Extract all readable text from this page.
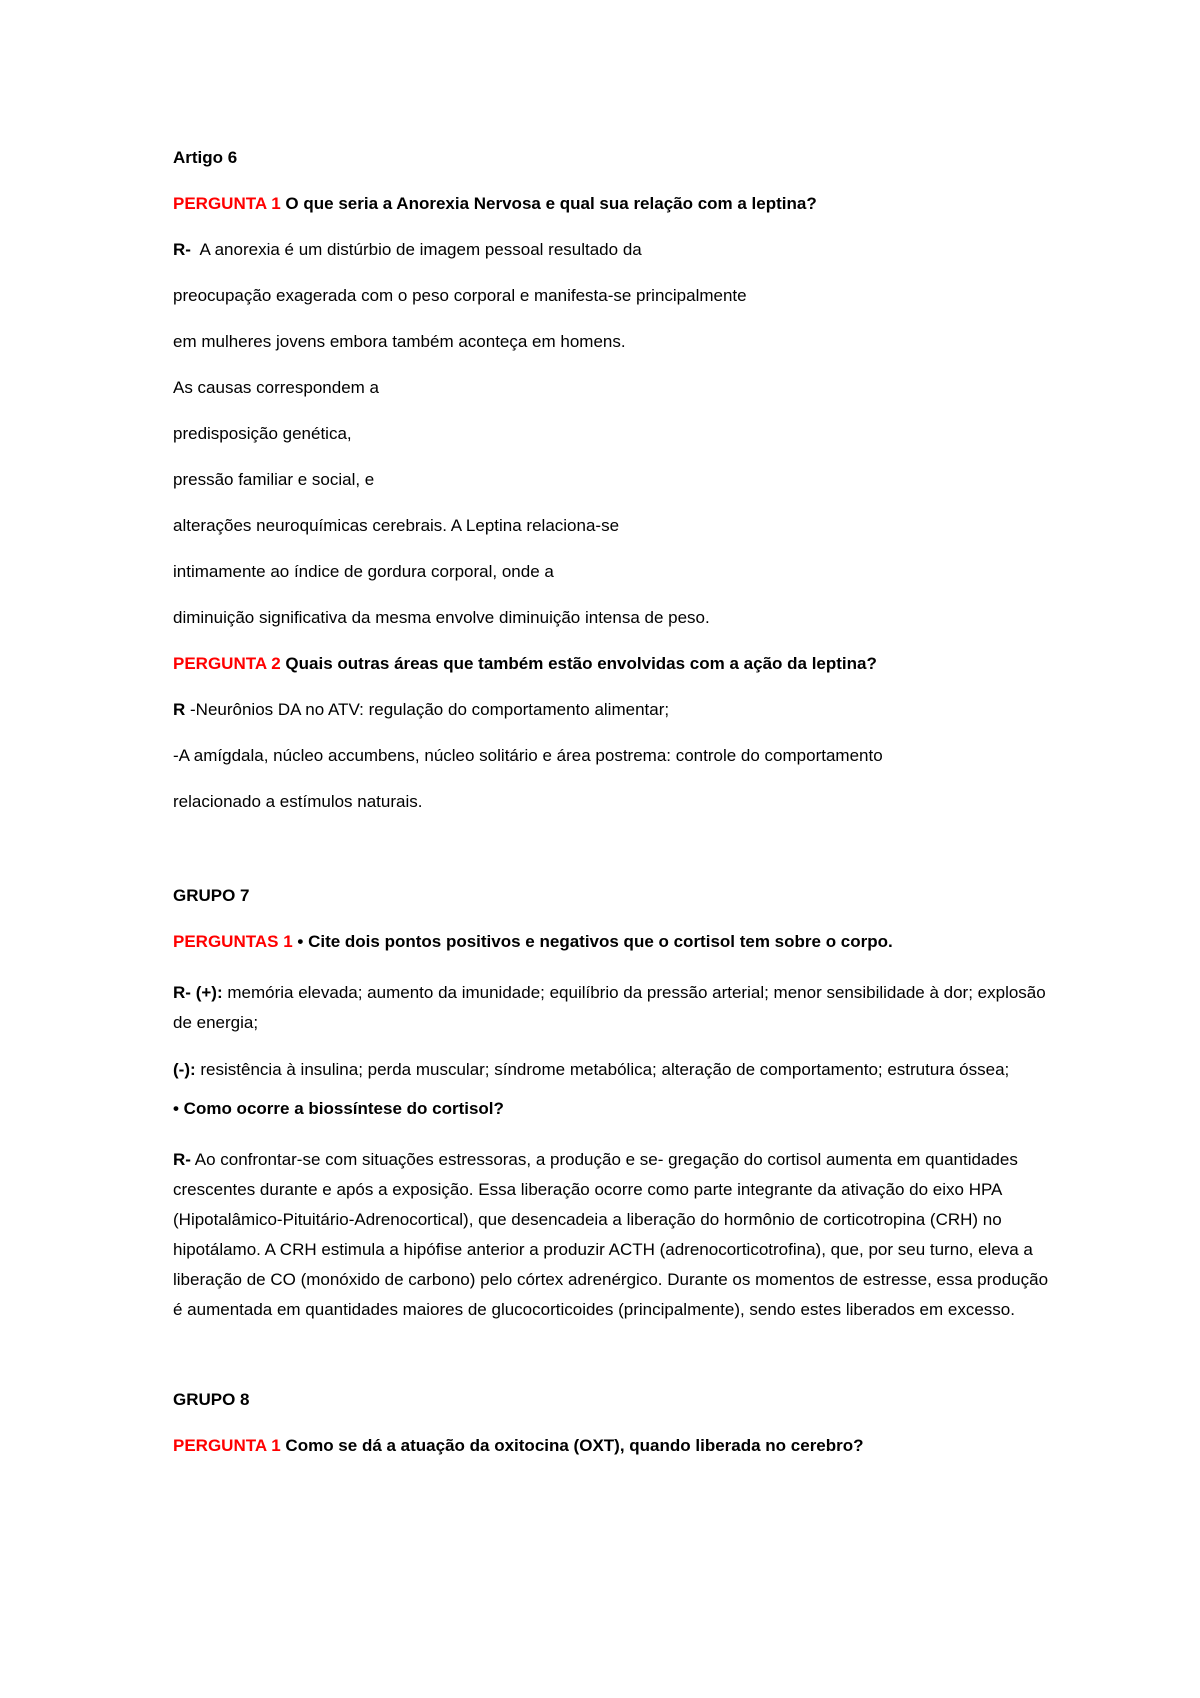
Artigo 6

PERGUNTA 1 O que seria a Anorexia Nervosa e qual sua relação com a leptina?

R- A anorexia é um distúrbio de imagem pessoal resultado da

preocupação exagerada com o peso corporal e manifesta-se principalmente

em mulheres jovens embora também aconteça em homens.

As causas correspondem a

predisposição genética,

pressão familiar e social, e

alterações neuroquímicas cerebrais. A Leptina relaciona-se

intimamente ao índice de gordura corporal, onde a

diminuição significativa da mesma envolve diminuição intensa de peso.

PERGUNTA 2 Quais outras áreas que também estão envolvidas com a ação da leptina?

R -Neurônios DA no ATV: regulação do comportamento alimentar;

-A amígdala, núcleo accumbens, núcleo solitário e área postrema: controle do comportamento

relacionado a estímulos naturais.

GRUPO 7

PERGUNTAS 1 • Cite dois pontos positivos e negativos que o cortisol tem sobre o corpo.

R- (+): memória elevada; aumento da imunidade; equilíbrio da pressão arterial; menor sensibilidade à dor; explosão de energia;

(-): resistência à insulina; perda muscular; síndrome metabólica; alteração de comportamento; estrutura óssea;

• Como ocorre a biossíntese do cortisol?

R- Ao confrontar-se com situações estressoras, a produção e se- gregação do cortisol aumenta em quantidades crescentes durante e após a exposição. Essa liberação ocorre como parte integrante da ativação do eixo HPA (Hipotalâmico-Pituitário-Adrenocortical), que desencadeia a liberação do hormônio de corticotropina (CRH) no hipotálamo. A CRH estimula a hipófise anterior a produzir ACTH (adrenocorticotrofina), que, por seu turno, eleva a liberação de CO (monóxido de carbono) pelo córtex adrenérgico. Durante os momentos de estresse, essa produção é aumentada em quantidades maiores de glucocorticoides (principalmente), sendo estes liberados em excesso.

GRUPO 8

PERGUNTA 1 Como se dá a atuação da oxitocina (OXT), quando liberada no cerebro?
